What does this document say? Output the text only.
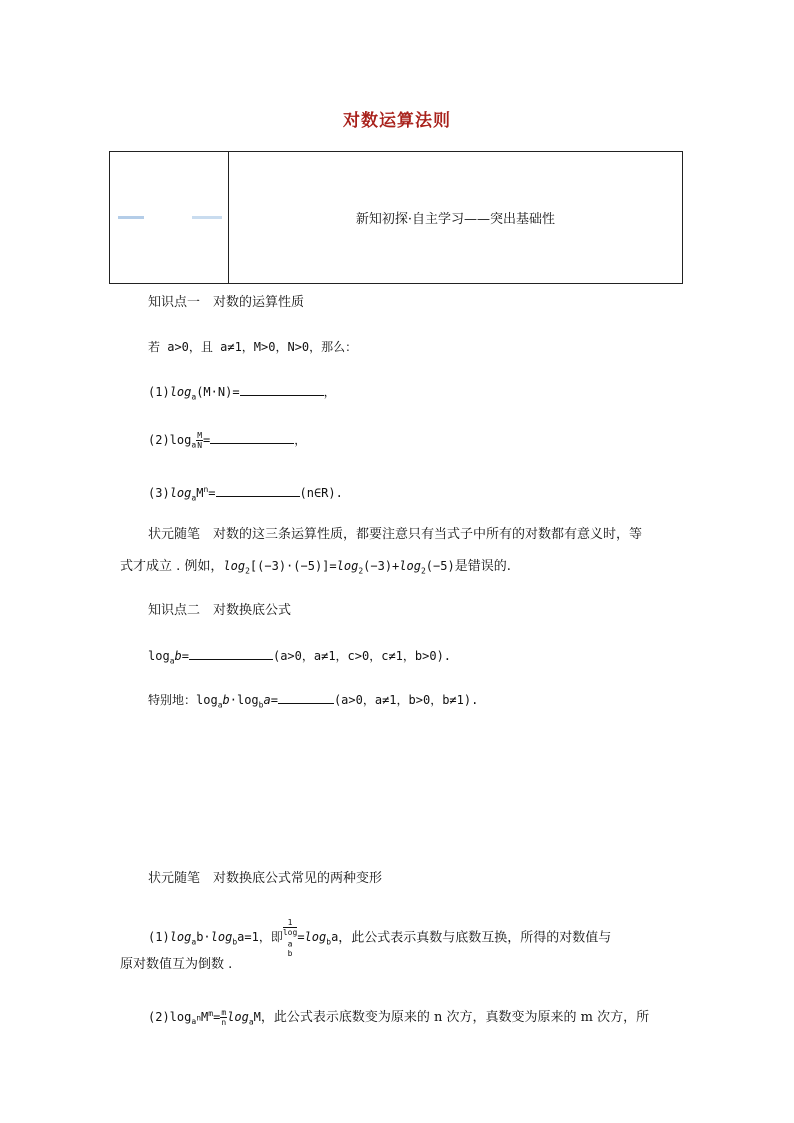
对数运算法则
新知初探·自主学习——突出基础性
知识点一　对数的运算性质
若 a>0，且 a≠1，M>0，N>0，那么：
$(1)\log_a(M\cdot N)=$	，
$(2)\log_a \frac{M}{N}$ =	，
$(3)\log_aM^n=$	(n∈R).
状元随笔　 对数的这三条运算性质，都要注意只有当式子中所有的对数都有意义时，等
式才成立 . 例如，$\log_2[(-3)\cdot(-5)]=\log_2(-3)+\log_2(-5)$是错误的.
知识点二　对数换底公式
$\log_ab=$	(a>0，a≠1，c>0，c≠1，b>0).
特别地：$\log_ab\cdot\log_ba=$	(a>0，a≠1，b>0，b≠1).
状元随笔　对数换底公式常见的两种变形
$(1)\log_ab\cdot\log_ba=1$，即 1
log
$_a$
$b =\log_ba$，此公式表示真数与底数互换，所得的对数值与
原对数值互为倒数 .
$(2)\log_{a^n}M^m= \frac{m}{n} \log_aM$，此公式表示底数变为原来的 n 次方，真数变为原来的 m 次方，所
